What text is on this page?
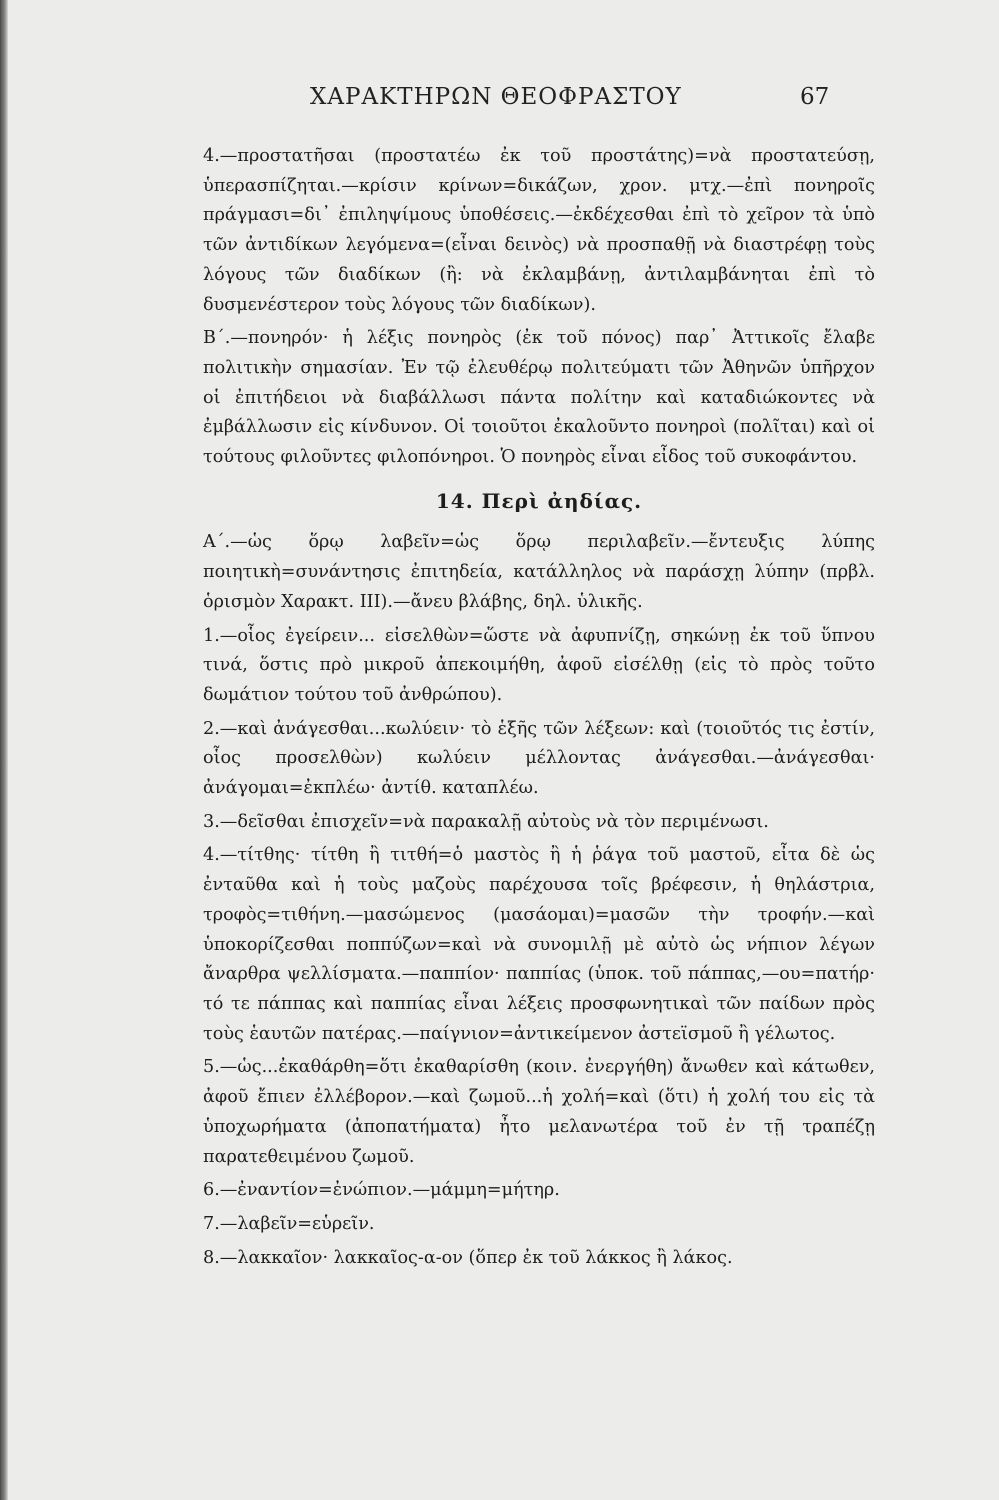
ΧΑΡΑΚΤΗΡΩΝ ΘΕΟΦΡΑΣΤΟΥ	67

4.—προστατῆσαι (προστατέω ἐκ τοῦ προστάτης)=νὰ προστατεύσῃ, ὑπερασπίζηται.—κρίσιν κρίνων=δικάζων, χρον. μτχ.—ἐπὶ πονηροῖς πράγμασι=δι᾿ ἐπιληψίμους ὑποθέσεις.—ἐκδέχεσθαι ἐπὶ τὸ χεῖρον τὰ ὑπὸ τῶν ἀντιδίκων λεγόμενα=(εἶναι δεινὸς) νὰ προσπαθῇ νὰ διαστρέφῃ τοὺς λόγους τῶν διαδίκων (ἢ: νὰ ἐκλαμβάνῃ, ἀντιλαμβάνηται ἐπὶ τὸ δυσμενέστερον τοὺς λόγους τῶν διαδίκων).

Β΄.—πονηρόν· ἡ λέξις πονηρὸς (ἐκ τοῦ πόνος) παρ᾿ Ἀττικοῖς ἔλαβε πολιτικὴν σημασίαν. Ἐν τῷ ἐλευθέρῳ πολιτεύματι τῶν Ἀθηνῶν ὑπῆρχον οἱ ἐπιτήδειοι νὰ διαβάλλωσι πάντα πολίτην καὶ καταδιώκοντες νὰ ἐμβάλλωσιν εἰς κίνδυνον. Οἱ τοιοῦτοι ἐκαλοῦντο πονηροὶ (πολῖται) καὶ οἱ τούτους φιλοῦντες φιλοπόνηροι. Ὁ πονηρὸς εἶναι εἶδος τοῦ συκοφάντου.

14. Περὶ ἀηδίας.

Α΄.—ὡς ὅρῳ λαβεῖν=ὡς ὅρῳ περιλαβεῖν.—ἔντευξις λύπης ποιητικὴ=συνάντησις ἐπιτηδεία, κατάλληλος νὰ παράσχῃ λύπην (πρβλ. ὁρισμὸν Χαρακτ. ΙΙΙ).—ἄνευ βλάβης, δηλ. ὑλικῆς.

1.—οἷος ἐγείρειν... εἰσελθὼν=ὥστε νὰ ἀφυπνίζῃ, σηκώνῃ ἐκ τοῦ ὕπνου τινά, ὅστις πρὸ μικροῦ ἀπεκοιμήθη, ἀφοῦ εἰσέλθῃ (εἰς τὸ πρὸς τοῦτο δωμάτιον τούτου τοῦ ἀνθρώπου).

2.—καὶ ἀνάγεσθαι...κωλύειν· τὸ ἑξῆς τῶν λέξεων: καὶ (τοιοῦτός τις ἐστίν, οἷος προσελθὼν) κωλύειν μέλλοντας ἀνάγεσθαι.—ἀνάγεσθαι· ἀνάγομαι=ἐκπλέω· ἀντίθ. καταπλέω.

3.—δεῖσθαι ἐπισχεῖν=νὰ παρακαλῇ αὐτοὺς νὰ τὸν περιμένωσι.

4.—τίτθης· τίτθη ἢ τιτθή=ὁ μαστὸς ἢ ἡ ῥάγα τοῦ μαστοῦ, εἶτα δὲ ὡς ἐνταῦθα καὶ ἡ τοὺς μαζοὺς παρέχουσα τοῖς βρέφεσιν, ἡ θηλάστρια, τροφὸς=τιθήνη.—μασώμενος (μασάομαι)=μασῶν τὴν τροφήν.—καὶ ὑποκορίζεσθαι ποππύζων=καὶ νὰ συνομιλῇ μὲ αὐτὸ ὡς νήπιον λέγων ἄναρθρα ψελλίσματα.—παππίον· παππίας (ὑποκ. τοῦ πάππας,—ου=πατήρ· τό τε πάππας καὶ παππίας εἶναι λέξεις προσφωνητικαὶ τῶν παίδων πρὸς τοὺς ἑαυτῶν πατέρας.—παίγνιον=ἀντικείμενον ἀστεϊσμοῦ ἢ γέλωτος.

5.—ὡς...ἐκαθάρθη=ὅτι ἐκαθαρίσθη (κοιν. ἐνεργήθη) ἄνωθεν καὶ κάτωθεν, ἀφοῦ ἔπιεν ἐλλέβορον.—καὶ ζωμοῦ...ἡ χολή=καὶ (ὅτι) ἡ χολή του εἰς τὰ ὑποχωρήματα (ἀποπατήματα) ἦτο μελανωτέρα τοῦ ἐν τῇ τραπέζῃ παρατεθειμένου ζωμοῦ.

6.—ἐναντίον=ἐνώπιον.—μάμμη=μήτηρ.

7.—λαβεῖν=εὑρεῖν.

8.—λακκαῖον· λακκαῖος-α-ον (ὅπερ ἐκ τοῦ λάκκος ἢ λάκος.
